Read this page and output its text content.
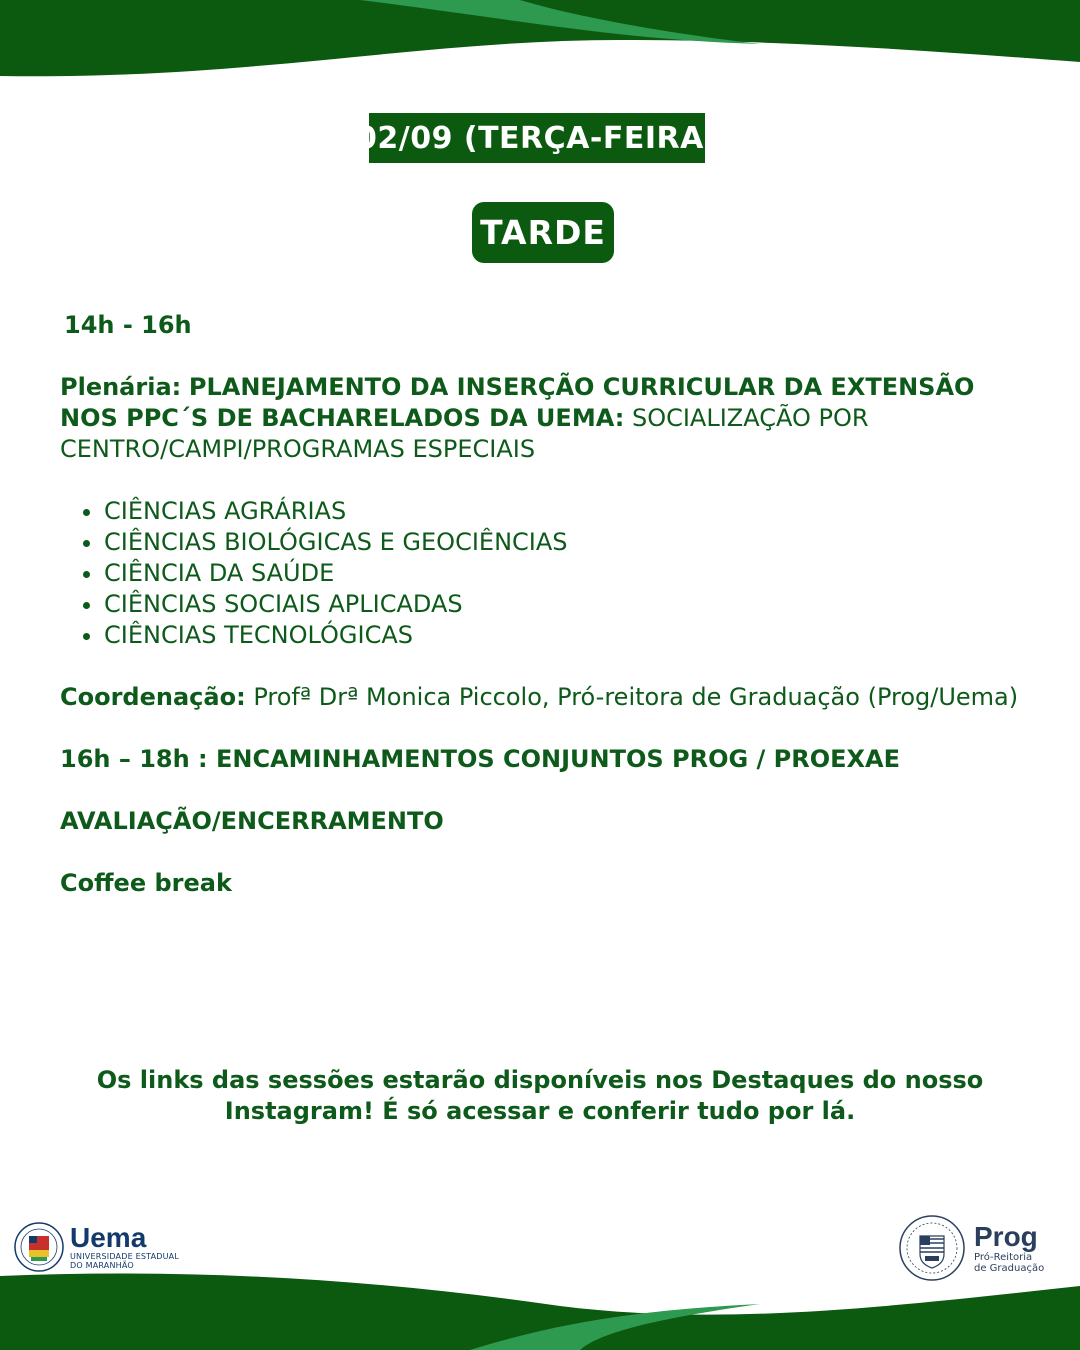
02/09 (TERÇA-FEIRA)
TARDE

14h - 16h

Plenária: PLANEJAMENTO DA INSERÇÃO CURRICULAR DA EXTENSÃO NOS PPC´S DE BACHARELADOS DA UEMA: SOCIALIZAÇÃO POR CENTRO/CAMPI/PROGRAMAS ESPECIAIS

• CIÊNCIAS AGRÁRIAS
• CIÊNCIAS BIOLÓGICAS E GEOCIÊNCIAS
• CIÊNCIA DA SAÚDE
• CIÊNCIAS SOCIAIS APLICADAS
• CIÊNCIAS TECNOLÓGICAS

Coordenação: Profª Drª Monica Piccolo, Pró-reitora de Graduação (Prog/Uema)

16h – 18h : ENCAMINHAMENTOS CONJUNTOS PROG / PROEXAE

AVALIAÇÃO/ENCERRAMENTO

Coffee break

Os links das sessões estarão disponíveis nos Destaques do nosso Instagram! É só acessar e conferir tudo por lá.
Uema
UNIVERSIDADE ESTADUAL
DO MARANHÃO
Prog
Pró-Reitoria
de Graduação
